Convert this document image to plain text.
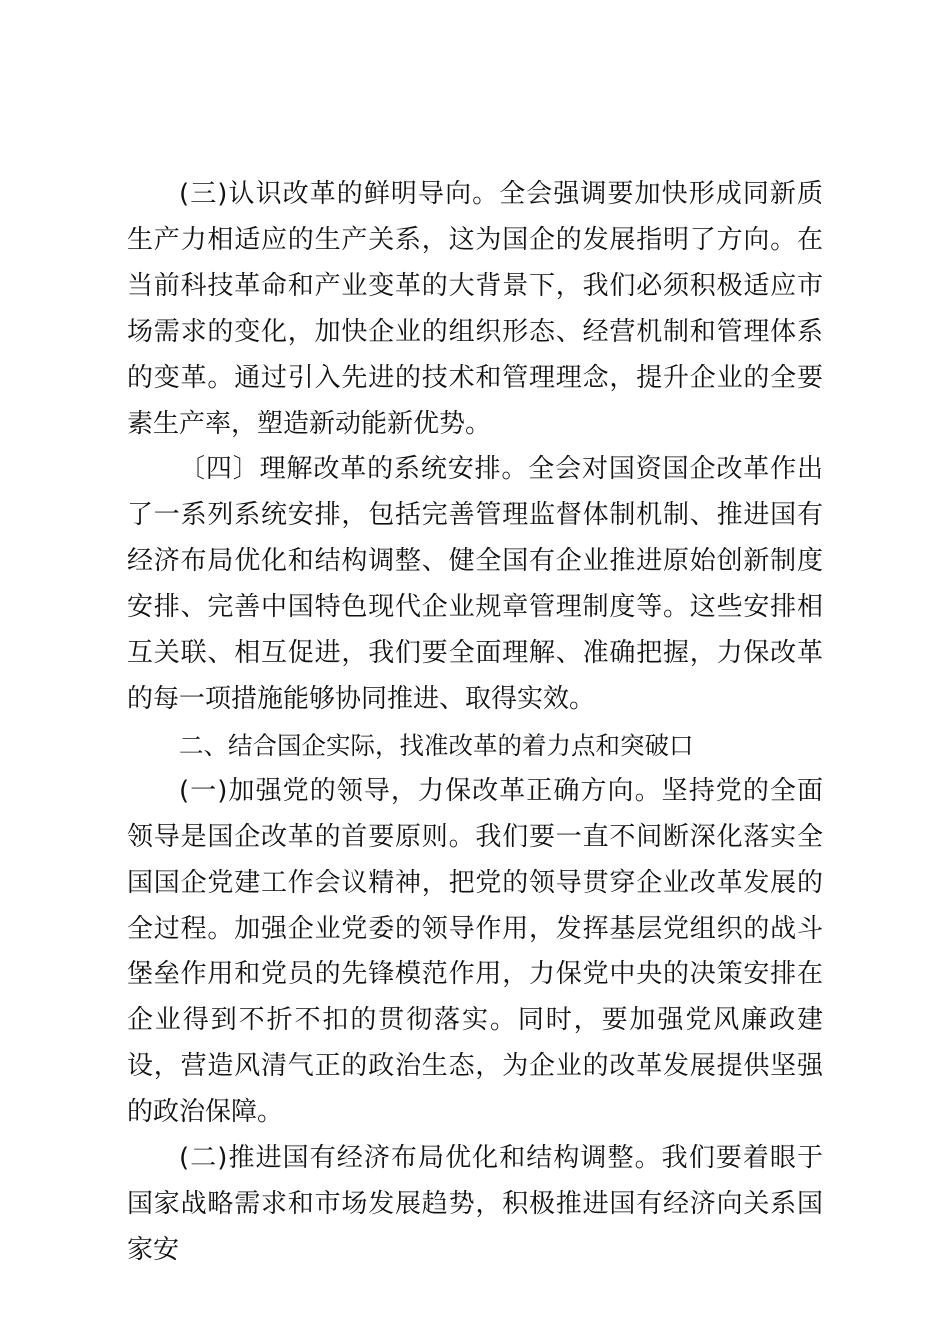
(三)认识改革的鲜明导向。全会强调要加快形成同新质生产力相适应的生产关系，这为国企的发展指明了方向。在当前科技革命和产业变革的大背景下，我们必须积极适应市场需求的变化，加快企业的组织形态、经营机制和管理体系的变革。通过引入先进的技术和管理理念，提升企业的全要素生产率，塑造新动能新优势。

〔四〕理解改革的系统安排。全会对国资国企改革作出了一系列系统安排，包括完善管理监督体制机制、推进国有经济布局优化和结构调整、健全国有企业推进原始创新制度安排、完善中国特色现代企业规章管理制度等。这些安排相互关联、相互促进，我们要全面理解、准确把握，力保改革的每一项措施能够协同推进、取得实效。

二、结合国企实际，找准改革的着力点和突破口

(一)加强党的领导，力保改革正确方向。坚持党的全面领导是国企改革的首要原则。我们要一直不间断深化落实全国国企党建工作会议精神，把党的领导贯穿企业改革发展的全过程。加强企业党委的领导作用，发挥基层党组织的战斗堡垒作用和党员的先锋模范作用，力保党中央的决策安排在企业得到不折不扣的贯彻落实。同时，要加强党风廉政建设，营造风清气正的政治生态，为企业的改革发展提供坚强的政治保障。

(二)推进国有经济布局优化和结构调整。我们要着眼于国家战略需求和市场发展趋势，积极推进国有经济向关系国家安
